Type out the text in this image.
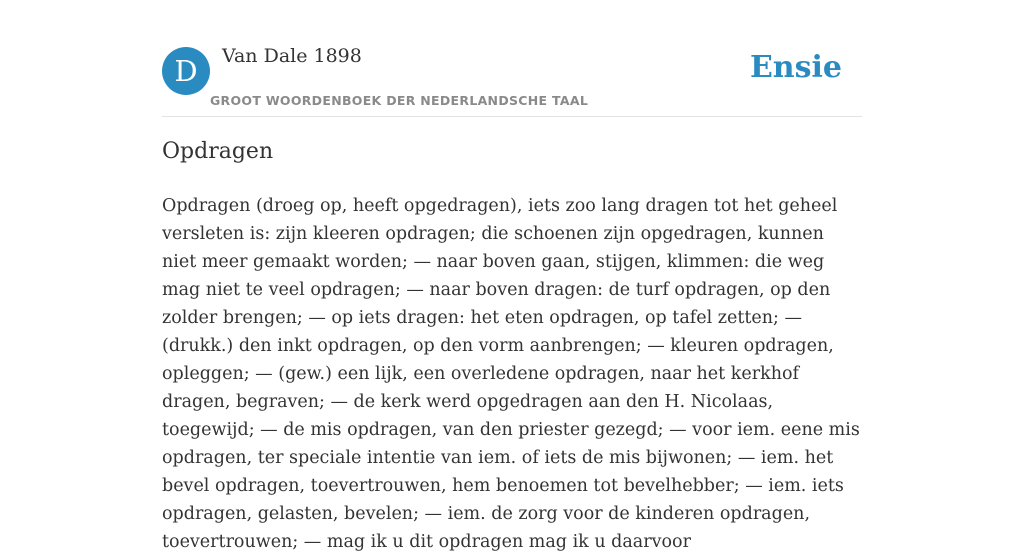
D	Van Dale 1898
GROOT WOORDENBOEK DER NEDERLANDSCHE TAAL
Ensie
Opdragen

Opdragen (droeg op, heeft opgedragen), iets zoo lang dragen tot het geheel versleten is: zijn kleeren opdragen; die schoenen zijn opgedragen, kunnen niet meer gemaakt worden; — naar boven gaan, stijgen, klimmen: die weg mag niet te veel opdragen; — naar boven dragen: de turf opdragen, op den zolder brengen; — op iets dragen: het eten opdragen, op tafel zetten; — (drukk.) den inkt opdragen, op den vorm aanbrengen; — kleuren opdragen, opleggen; — (gew.) een lijk, een overledene opdragen, naar het kerkhof dragen, begraven; — de kerk werd opgedragen aan den H. Nicolaas, toegewijd; — de mis opdragen, van den priester gezegd; — voor iem. eene mis opdragen, ter speciale intentie van iem. of iets de mis bijwonen; — iem. het bevel opdragen, toevertrouwen, hem benoemen tot bevelhebber; — iem. iets opdragen, gelasten, bevelen; — iem. de zorg voor de kinderen opdragen, toevertrouwen; — mag ik u dit opdragen mag ik u daarvoor
